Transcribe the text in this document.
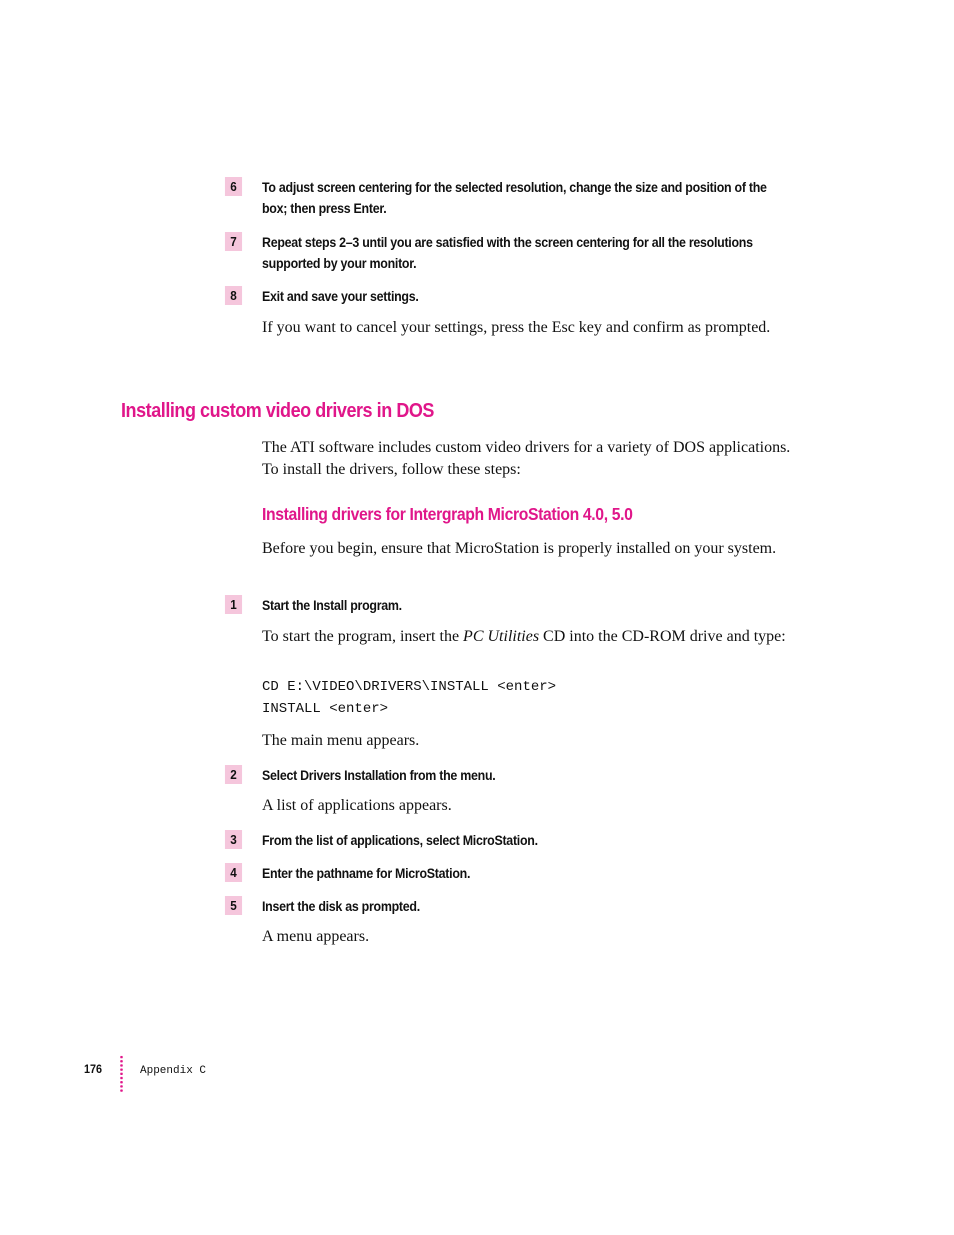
6	To adjust screen centering for the selected resolution, change the size and position of the box; then press Enter.
7	Repeat steps 2–3 until you are satisfied with the screen centering for all the resolutions supported by your monitor.
8	Exit and save your settings.

If you want to cancel your settings, press the Esc key and confirm as prompted.

Installing custom video drivers in DOS

The ATI software includes custom video drivers for a variety of DOS applications. To install the drivers, follow these steps:

Installing drivers for Intergraph MicroStation 4.0, 5.0

Before you begin, ensure that MicroStation is properly installed on your system.

1	Start the Install program.

To start the program, insert the PC Utilities CD into the CD-ROM drive and type:

CD E:\VIDEO\DRIVERS\INSTALL <enter>
INSTALL <enter>

The main menu appears.

2	Select Drivers Installation from the menu.

A list of applications appears.

3	From the list of applications, select MicroStation.
4	Enter the pathname for MicroStation.
5	Insert the disk as prompted.

A menu appears.

176	Appendix C
